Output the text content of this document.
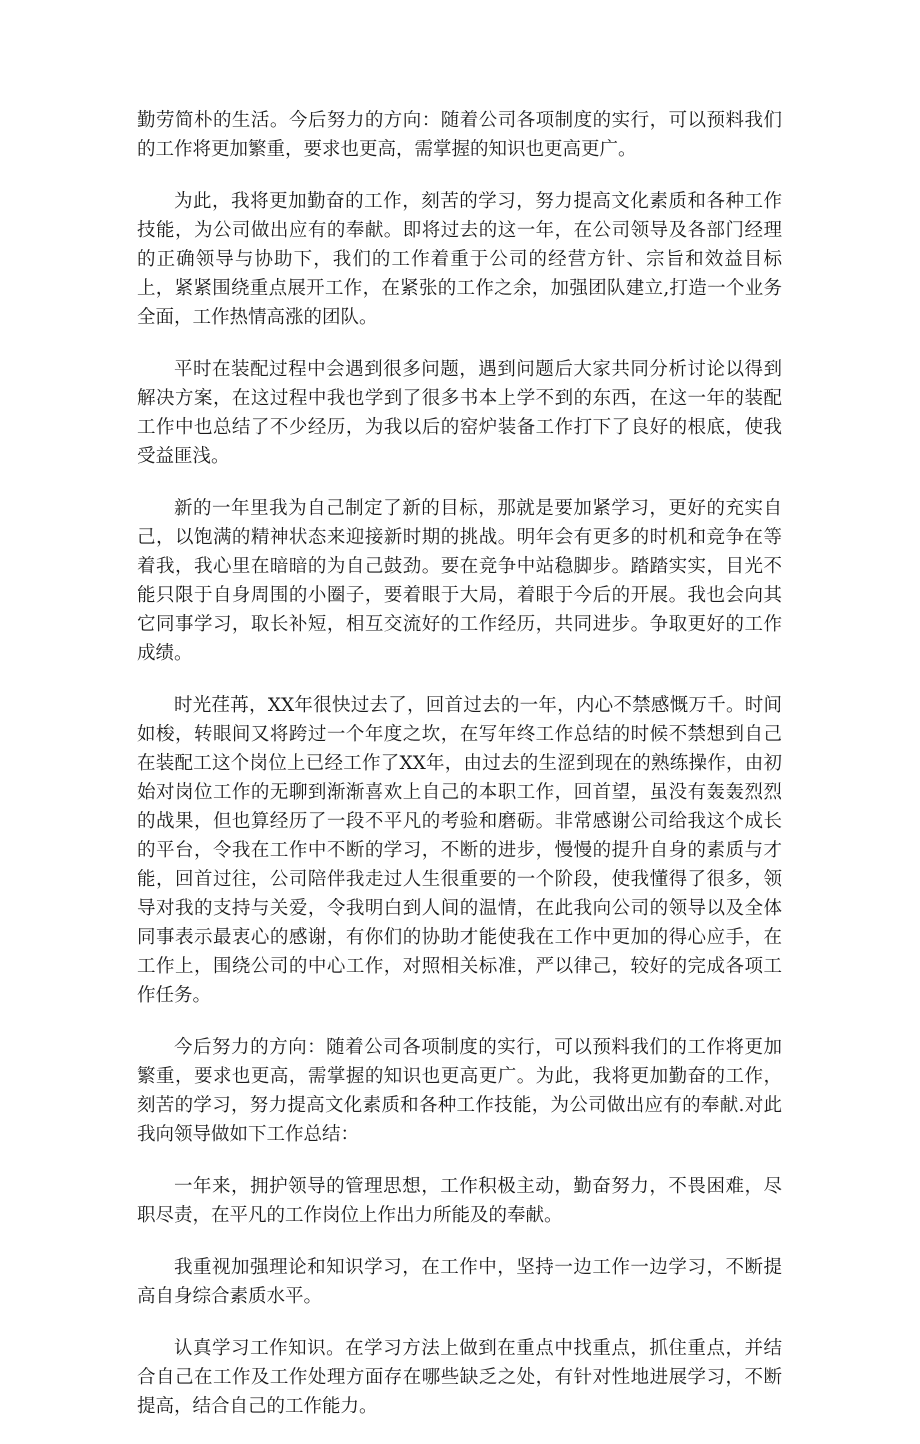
勤劳简朴的生活。今后努力的方向：随着公司各项制度的实行，可以预料我们的工作将更加繁重，要求也更高，需掌握的知识也更高更广。

为此，我将更加勤奋的工作，刻苦的学习，努力提高文化素质和各种工作技能，为公司做出应有的奉献。即将过去的这一年，在公司领导及各部门经理的正确领导与协助下，我们的工作着重于公司的经营方针、宗旨和效益目标上，紧紧围绕重点展开工作，在紧张的工作之余，加强团队建立,打造一个业务全面，工作热情高涨的团队。

平时在装配过程中会遇到很多问题，遇到问题后大家共同分析讨论以得到解决方案，在这过程中我也学到了很多书本上学不到的东西，在这一年的装配工作中也总结了不少经历，为我以后的窑炉装备工作打下了良好的根底，使我受益匪浅。

新的一年里我为自己制定了新的目标，那就是要加紧学习，更好的充实自己，以饱满的精神状态来迎接新时期的挑战。明年会有更多的时机和竞争在等着我，我心里在暗暗的为自己鼓劲。要在竞争中站稳脚步。踏踏实实，目光不能只限于自身周围的小圈子，要着眼于大局，着眼于今后的开展。我也会向其它同事学习，取长补短，相互交流好的工作经历，共同进步。争取更好的工作成绩。

时光荏苒，XX年很快过去了，回首过去的一年，内心不禁感慨万千。时间如梭，转眼间又将跨过一个年度之坎，在写年终工作总结的时候不禁想到自己在装配工这个岗位上已经工作了XX年，由过去的生涩到现在的熟练操作，由初始对岗位工作的无聊到渐渐喜欢上自己的本职工作，回首望，虽没有轰轰烈烈的战果，但也算经历了一段不平凡的考验和磨砺。非常感谢公司给我这个成长的平台，令我在工作中不断的学习，不断的进步，慢慢的提升自身的素质与才能，回首过往，公司陪伴我走过人生很重要的一个阶段，使我懂得了很多，领导对我的支持与关爱，令我明白到人间的温情，在此我向公司的领导以及全体同事表示最衷心的感谢，有你们的协助才能使我在工作中更加的得心应手，在工作上，围绕公司的中心工作，对照相关标准，严以律己，较好的完成各项工作任务。

今后努力的方向：随着公司各项制度的实行，可以预料我们的工作将更加繁重，要求也更高，需掌握的知识也更高更广。为此，我将更加勤奋的工作，刻苦的学习，努力提高文化素质和各种工作技能，为公司做出应有的奉献.对此我向领导做如下工作总结：

一年来，拥护领导的管理思想，工作积极主动，勤奋努力，不畏困难，尽职尽责，在平凡的工作岗位上作出力所能及的奉献。

我重视加强理论和知识学习，在工作中，坚持一边工作一边学习，不断提高自身综合素质水平。

认真学习工作知识。在学习方法上做到在重点中找重点，抓住重点，并结合自己在工作及工作处理方面存在哪些缺乏之处，有针对性地进展学习，不断提高，结合自己的工作能力。
